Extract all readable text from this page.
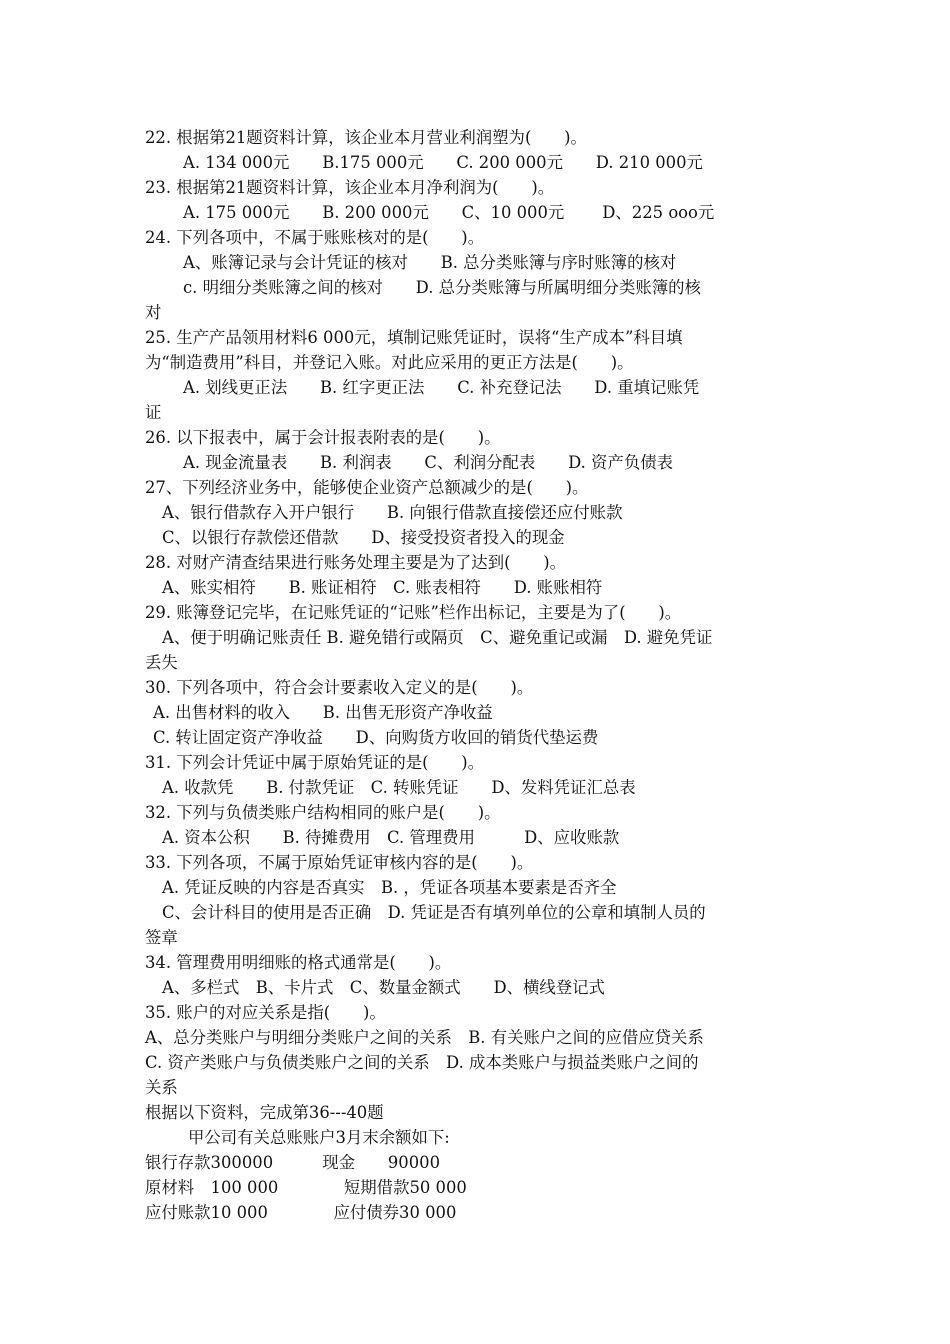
22. 根据第21题资料计算，该企业本月营业利润塑为(　　)。
A. 134 000元　　B.175 000元　　C. 200 000元　　D. 210 000元
23. 根据第21题资料计算，该企业本月净利润为(　　)。
A. 175 000元　　B. 200 000元　　C、10 000元　　 D、225 ooo元
24. 下列各项中，不属于账账核对的是(　　)。
A、账簿记录与会计凭证的核对　　B. 总分类账簿与序时账簿的核对
c. 明细分类账簿之间的核对　　D. 总分类账簿与所属明细分类账簿的核
对
25. 生产产品领用材料6 000元，填制记账凭证时，误将“生产成本”科目填
为“制造费用”科目，并登记入账。对此应采用的更正方法是(　　)。
A. 划线更正法　　B. 红字更正法　　C. 补充登记法　　D. 重填记账凭
证
26. 以下报表中，属于会计报表附表的是(　　)。
A. 现金流量表　　B. 利润表　　C、利润分配表　　D. 资产负债表
27、下列经济业务中，能够使企业资产总额减少的是(　　)。
A、银行借款存入开户银行　　B. 向银行借款直接偿还应付账款
C、以银行存款偿还借款　　D、接受投资者投入的现金
28. 对财产清查结果进行账务处理主要是为了达到(　　)。
A、账实相符　　B. 账证相符　C. 账表相符　　D. 账账相符
29. 账簿登记完毕，在记账凭证的“记账”栏作出标记，主要是为了(　　)。
A、便于明确记账责任 B. 避免错行或隔页　C、避免重记或漏　D. 避免凭证
丢失
30. 下列各项中，符合会计要素收入定义的是(　　)。
A. 出售材料的收入　　B. 出售无形资产净收益
C. 转让固定资产净收益　　D、向购货方收回的销货代垫运费
31. 下列会计凭证中属于原始凭证的是(　　)。
A. 收款凭　　B. 付款凭证　C. 转账凭证　　D、发料凭证汇总表
32. 下列与负债类账户结构相同的账户是(　　)。
A. 资本公积　　B. 待摊费用　C. 管理费用　　　D、应收账款
33. 下列各项，不属于原始凭证审核内容的是(　　)。
A. 凭证反映的内容是否真实　B. ，凭证各项基本要素是否齐全
C、会计科目的使用是否正确　D. 凭证是否有填列单位的公章和填制人员的
签章
34. 管理费用明细账的格式通常是(　　)。
A、多栏式　B、卡片式　C、数量金额式　　D、横线登记式
35. 账户的对应关系是指(　　)。
A、总分类账户与明细分类账户之间的关系　B. 有关账户之间的应借应贷关系
C. 资产类账户与负债类账户之间的关系　D. 成本类账户与损益类账户之间的
关系
根据以下资料，完成第36---40题
甲公司有关总账账户3月末余额如下:
银行存款300000　　　现金　　90000
原材料　100 000　　　　短期借款50 000
应付账款10 000　　　　应付债券30 000
